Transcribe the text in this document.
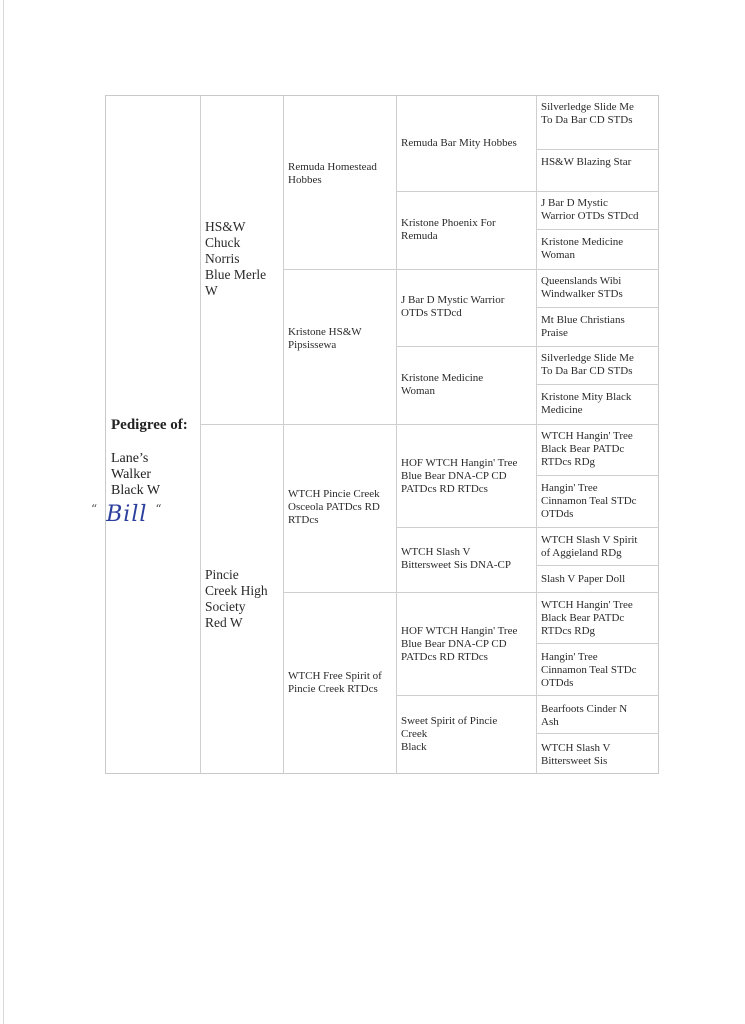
Pedigree of:
Lane’s
Walker
Black W
“ Bill “
HS&W
Chuck
Norris
Blue Merle
W
Pincie
Creek High
Society
Red W
Remuda Homestead
Hobbes
Kristone HS&W
Pipsissewa
WTCH Pincie Creek
Osceola PATDcs RD
RTDcs
WTCH Free Spirit of
Pincie Creek RTDcs
Remuda Bar Mity Hobbes
Kristone Phoenix For
Remuda
J Bar D Mystic Warrior
OTDs STDcd
Kristone Medicine
Woman
HOF WTCH Hangin' Tree
Blue Bear DNA-CP CD
PATDcs RD RTDcs
WTCH Slash V
Bittersweet Sis DNA-CP
HOF WTCH Hangin' Tree
Blue Bear DNA-CP CD
PATDcs RD RTDcs
Sweet Spirit of Pincie
Creek
Black
Silverledge Slide Me
To Da Bar CD STDs
HS&W Blazing Star
J Bar D Mystic
Warrior OTDs STDcd
Kristone Medicine
Woman
Queenslands Wibi
Windwalker STDs
Mt Blue Christians
Praise
Silverledge Slide Me
To Da Bar CD STDs
Kristone Mity Black
Medicine
WTCH Hangin' Tree
Black Bear PATDc
RTDcs RDg
Hangin' Tree
Cinnamon Teal STDc
OTDds
WTCH Slash V Spirit
of Aggieland RDg
Slash V Paper Doll
WTCH Hangin' Tree
Black Bear PATDc
RTDcs RDg
Hangin' Tree
Cinnamon Teal STDc
OTDds
Bearfoots Cinder N
Ash
WTCH Slash V
Bittersweet Sis
